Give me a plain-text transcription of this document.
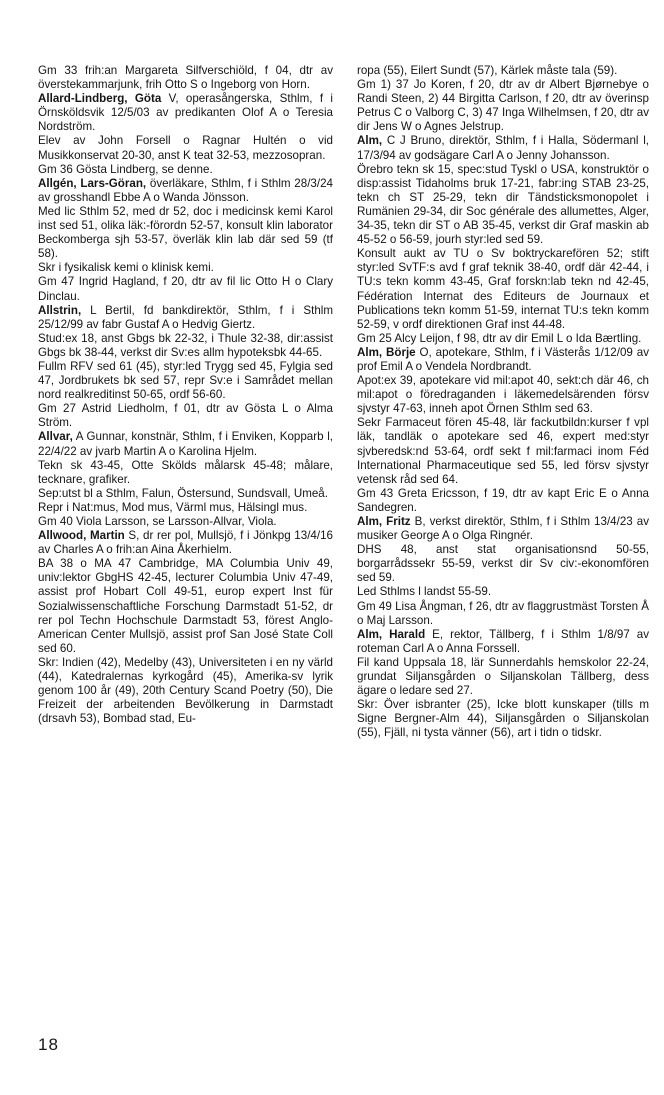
Gm 33 frih:an Margareta Silfverschiöld, f 04, dtr av överstekammarjunk, frih Otto S o Ingeborg von Horn.

Allard-Lindberg, Göta V, operasångerska, Sthlm, f i Örnsköldsvik 12/5/03 av predikanten Olof A o Teresia Nordström.

Elev av John Forsell o Ragnar Hultén o vid Musikkonservat 20-30, anst K teat 32-53, mezzosopran.

Gm 36 Gösta Lindberg, se denne.

Allgén, Lars-Göran, överläkare, Sthlm, f i Sthlm 28/3/24 av grosshandl Ebbe A o Wanda Jönsson.

Med lic Sthlm 52, med dr 52, doc i medicinsk kemi Karol inst sed 51, olika läk:-förordn 52-57, konsult klin laborator Beckomberga sjh 53-57, överläk klin lab där sed 59 (tf 58).

Skr i fysikalisk kemi o klinisk kemi.

Gm 47 Ingrid Hagland, f 20, dtr av fil lic Otto H o Clary Dinclau.

Allstrin, L Bertil, fd bankdirektör, Sthlm, f i Sthlm 25/12/99 av fabr Gustaf A o Hedvig Giertz.

Stud:ex 18, anst Gbgs bk 22-32, i Thule 32-38, dir:assist Gbgs bk 38-44, verkst dir Sv:es allm hypoteksbk 44-65.

Fullm RFV sed 61 (45), styr:led Trygg sed 45, Fylgia sed 47, Jordbrukets bk sed 57, repr Sv:e i Samrådet mellan nord realkreditinst 50-65, ordf 56-60.

Gm 27 Astrid Liedholm, f 01, dtr av Gösta L o Alma Ström.

Allvar, A Gunnar, konstnär, Sthlm, f i Enviken, Kopparb l, 22/4/22 av jvarb Martin A o Karolina Hjelm.

Tekn sk 43-45, Otte Skölds målarsk 45-48; målare, tecknare, grafiker.

Sep:utst bl a Sthlm, Falun, Östersund, Sundsvall, Umeå.

Repr i Nat:mus, Mod mus, Värml mus, Hälsingl mus.

Gm 40 Viola Larsson, se Larsson-Allvar, Viola.

Allwood, Martin S, dr rer pol, Mullsjö, f i Jönkpg 13/4/16 av Charles A o frih:an Aina Åkerhielm.

BA 38 o MA 47 Cambridge, MA Columbia Univ 49, univ:lektor GbgHS 42-45, lecturer Columbia Univ 47-49, assist prof Hobart Coll 49-51, europ expert Inst für Sozialwissenschaftliche Forschung Darmstadt 51-52, dr rer pol Techn Hochschule Darmstadt 53, förest Anglo-American Center Mullsjö, assist prof San José State Coll sed 60.

Skr: Indien (42), Medelby (43), Universiteten i en ny värld (44), Katedralernas kyrkogård (45), Amerika-sv lyrik genom 100 år (49), 20th Century Scand Poetry (50), Die Freizeit der arbeitenden Bevölkerung in Darmstadt (drsavh 53), Bombad stad, Eu-

ropa (55), Eilert Sundt (57), Kärlek måste tala (59).

Gm 1) 37 Jo Koren, f 20, dtr av dr Albert Bjørnebye o Randi Steen, 2) 44 Birgitta Carlson, f 20, dtr av överinsp Petrus C o Valborg C, 3) 47 Inga Wilhelmsen, f 20, dtr av dir Jens W o Agnes Jelstrup.

Alm, C J Bruno, direktör, Sthlm, f i Halla, Södermanl l, 17/3/94 av godsägare Carl A o Jenny Johansson.

Örebro tekn sk 15, spec:stud Tyskl o USA, konstruktör o disp:assist Tidaholms bruk 17-21, fabr:ing STAB 23-25, tekn ch ST 25-29, tekn dir Tändsticksmonopolet i Rumänien 29-34, dir Soc générale des allumettes, Alger, 34-35, tekn dir ST o AB 35-45, verkst dir Graf maskin ab 45-52 o 56-59, jourh styr:led sed 59.

Konsult aukt av TU o Sv boktryckarefören 52; stift styr:led SvTF:s avd f graf teknik 38-40, ordf där 42-44, i TU:s tekn komm 43-45, Graf forskn:lab tekn nd 42-45, Fédération Internat des Editeurs de Journaux et Publications tekn komm 51-59, internat TU:s tekn komm 52-59, v ordf direktionen Graf inst 44-48.

Gm 25 Alcy Leijon, f 98, dtr av dir Emil L o Ida Bærtling.

Alm, Börje O, apotekare, Sthlm, f i Västerås 1/12/09 av prof Emil A o Vendela Nordbrandt.

Apot:ex 39, apotekare vid mil:apot 40, sekt:ch där 46, ch mil:apot o föredraganden i läkemedelsärenden försv sjvstyr 47-63, inneh apot Örnen Sthlm sed 63.

Sekr Farmaceut fören 45-48, lär fackutbildn:kurser f vpl läk, tandläk o apotekare sed 46, expert med:styr sjvberedsk:nd 53-64, ordf sekt f mil:farmaci inom Féd International Pharmaceutique sed 55, led försv sjvstyr vetensk råd sed 64.

Gm 43 Greta Ericsson, f 19, dtr av kapt Eric E o Anna Sandegren.

Alm, Fritz B, verkst direktör, Sthlm, f i Sthlm 13/4/23 av musiker George A o Olga Ringnér.

DHS 48, anst stat organisationsnd 50-55, borgarrådssekr 55-59, verkst dir Sv civ:-ekonomfören sed 59.

Led Sthlms l landst 55-59.

Gm 49 Lisa Ångman, f 26, dtr av flaggrustmäst Torsten Å o Maj Larsson.

Alm, Harald E, rektor, Tällberg, f i Sthlm 1/8/97 av roteman Carl A o Anna Forssell.

Fil kand Uppsala 18, lär Sunnerdahls hemskolor 22-24, grundat Siljansgården o Siljanskolan Tällberg, dess ägare o ledare sed 27.

Skr: Över isbranter (25), Icke blott kunskaper (tills m Signe Bergner-Alm 44), Siljansgården o Siljanskolan (55), Fjäll, ni tysta vänner (56), art i tidn o tidskr.

18
